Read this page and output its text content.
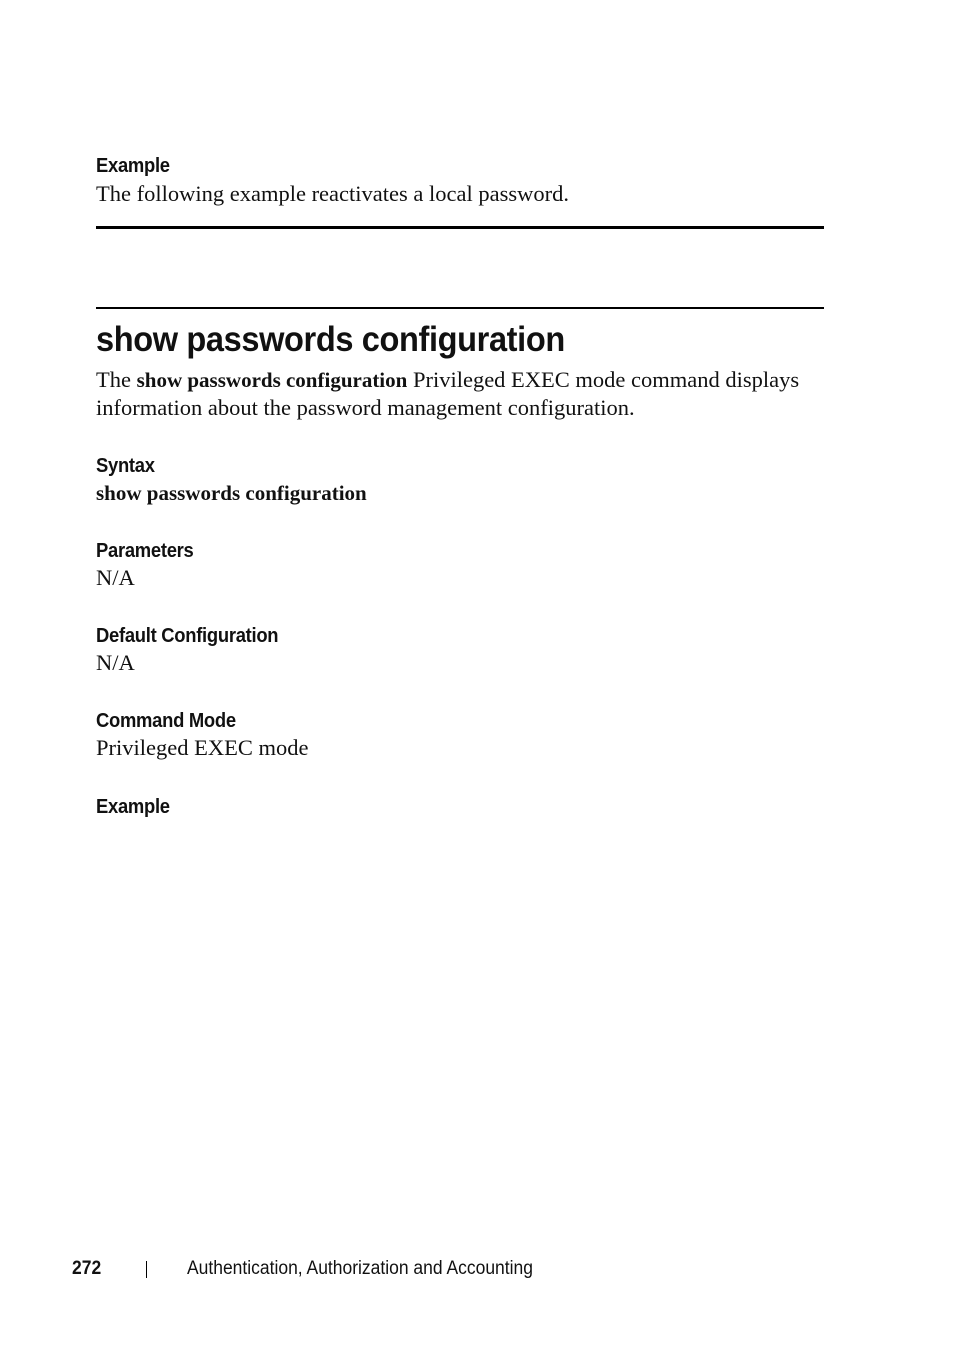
Example
The following example reactivates a local password.
show passwords configuration
The show passwords configuration Privileged EXEC mode command displays
information about the password management configuration.
Syntax
show passwords configuration
Parameters
N/A
Default Configuration
N/A
Command Mode
Privileged EXEC mode
Example
272	Authentication, Authorization and Accounting
